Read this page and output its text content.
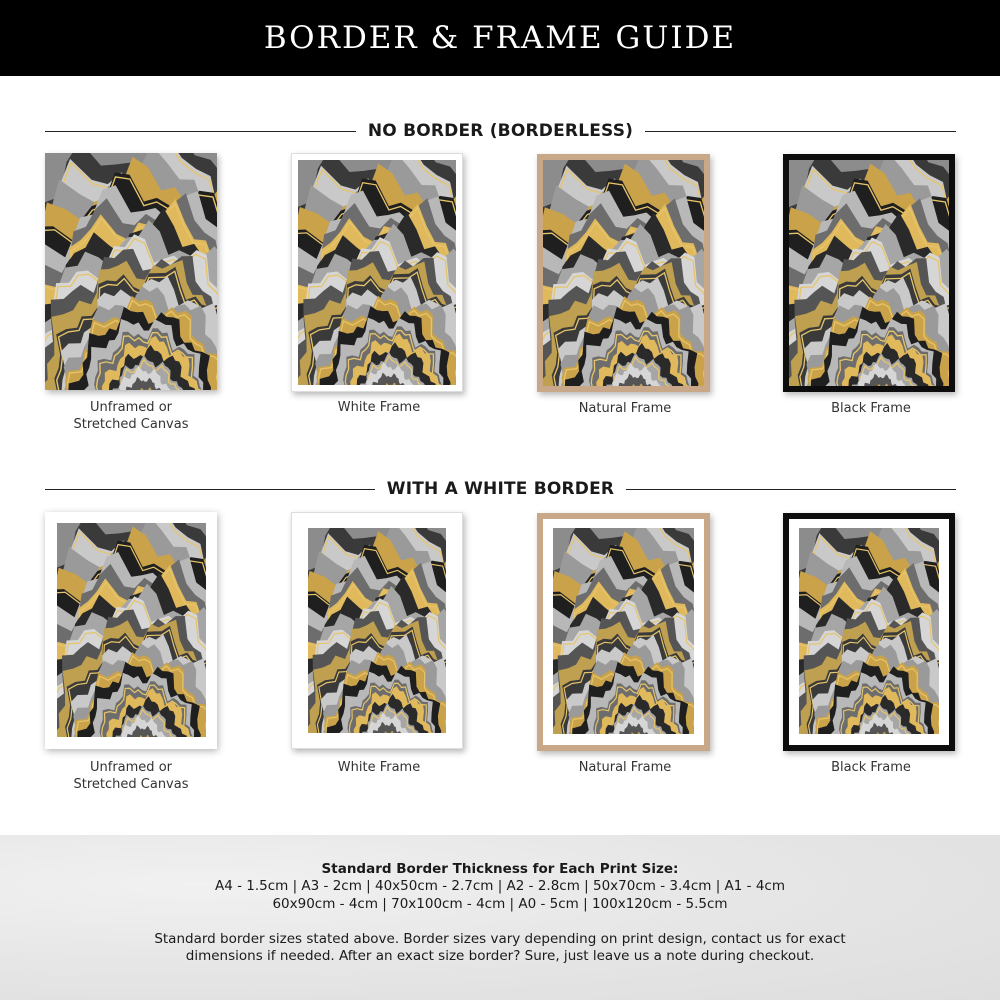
BORDER & FRAME GUIDE
NO BORDER (BORDERLESS)
WITH A WHITE BORDER
Unframed or
Stretched Canvas
White Frame	Natural Frame	Black Frame
Unframed or
Stretched Canvas
White Frame	Natural Frame	Black Frame
Standard Border Thickness for Each Print Size:
A4 - 1.5cm | A3 - 2cm | 40x50cm - 2.7cm | A2 - 2.8cm | 50x70cm - 3.4cm | A1 - 4cm
60x90cm - 4cm | 70x100cm - 4cm | A0 - 5cm | 100x120cm - 5.5cm
Standard border sizes stated above. Border sizes vary depending on print design, contact us for exact
dimensions if needed. After an exact size border? Sure, just leave us a note during checkout.
